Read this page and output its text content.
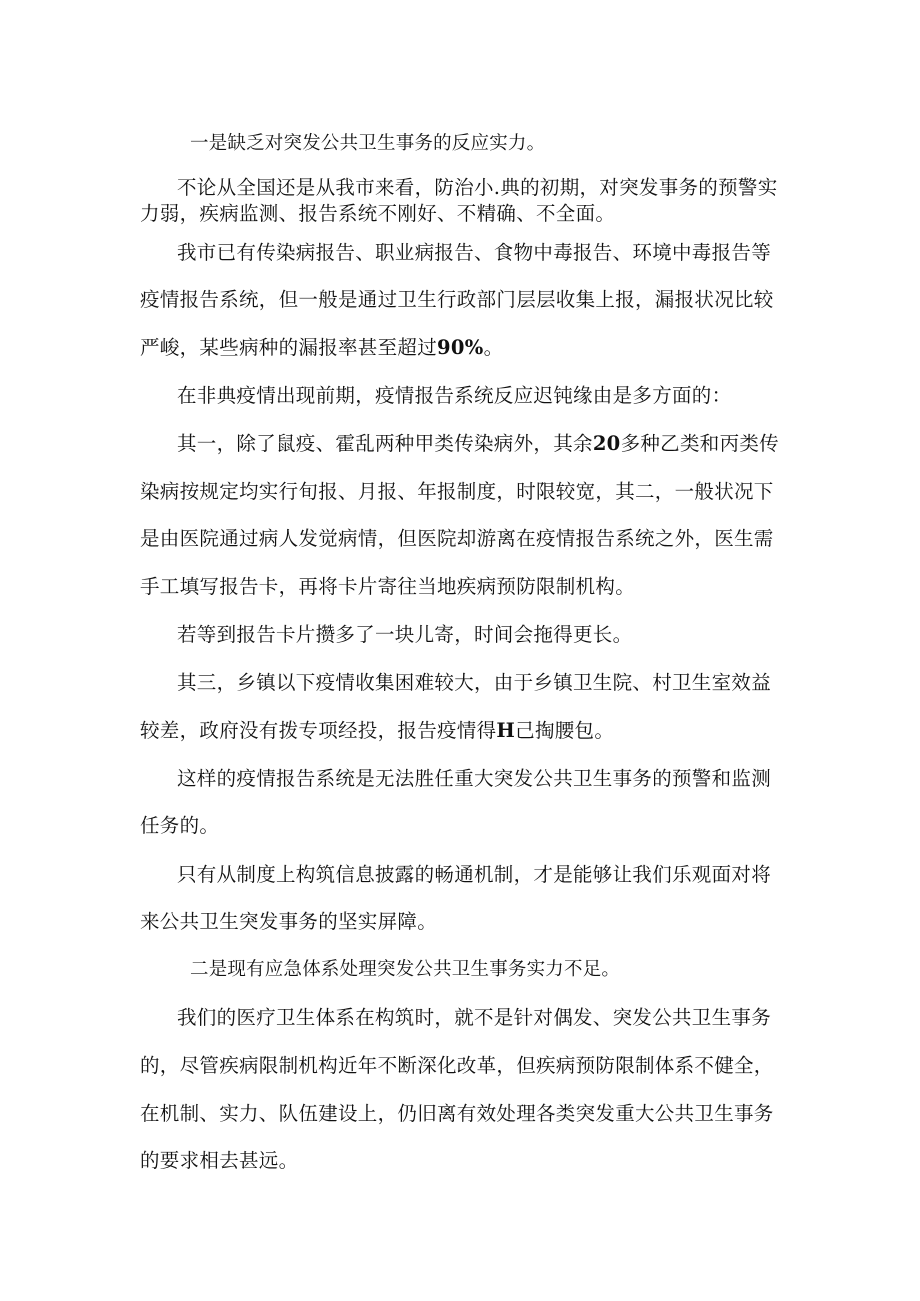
一是缺乏对突发公共卫生事务的反应实力。
不论从全国还是从我市来看，防治小.典的初期，对突发事务的预警实
力弱，疾病监测、报告系统不刚好、不精确、不全面。
我市已有传染病报告、职业病报告、食物中毒报告、环境中毒报告等
疫情报告系统，但一般是通过卫生行政部门层层收集上报，漏报状况比较
严峻，某些病种的漏报率甚至超过90%。
在非典疫情出现前期，疫情报告系统反应迟钝缘由是多方面的：
其一，除了鼠疫、霍乱两种甲类传染病外，其余20多种乙类和丙类传
染病按规定均实行旬报、月报、年报制度，时限较宽，其二，一般状况下
是由医院通过病人发觉病情，但医院却游离在疫情报告系统之外，医生需
手工填写报告卡，再将卡片寄往当地疾病预防限制机构。
若等到报告卡片攒多了一块儿寄，时间会拖得更长。
其三，乡镇以下疫情收集困难较大，由于乡镇卫生院、村卫生室效益
较差，政府没有拨专项经投，报告疫情得H己掏腰包。
这样的疫情报告系统是无法胜任重大突发公共卫生事务的预警和监测
任务的。
只有从制度上构筑信息披露的畅通机制，才是能够让我们乐观面对将
来公共卫生突发事务的坚实屏障。
二是现有应急体系处理突发公共卫生事务实力不足。
我们的医疗卫生体系在构筑时，就不是针对偶发、突发公共卫生事务
的，尽管疾病限制机构近年不断深化改革，但疾病预防限制体系不健全，
在机制、实力、队伍建设上，仍旧离有效处理各类突发重大公共卫生事务
的要求相去甚远。
